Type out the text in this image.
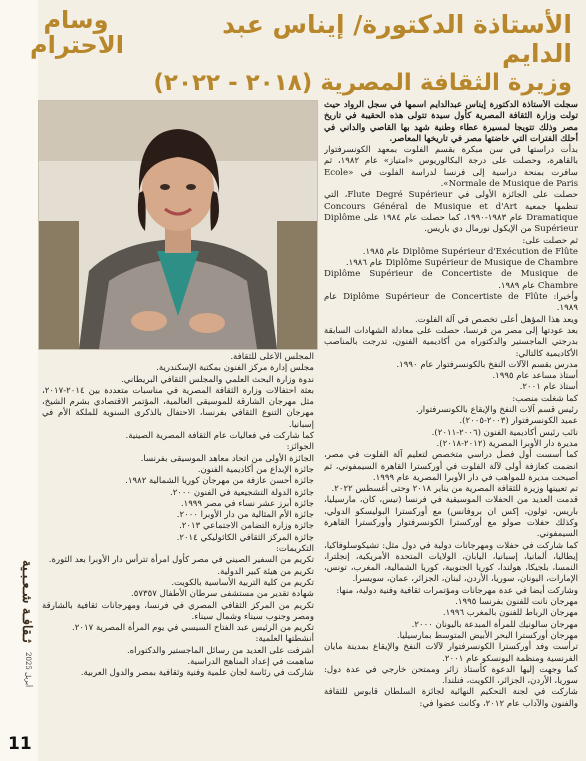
ثـقافـة شـعـبـية
أبريل 2025
11
وسام
الاحترام
الأستاذة الدكتورة/ إيناس عبد الدايم
وزيرة الثقافة المصرية (٢٠١٨ - ٢٠٢٢)

سجلت الأستاذة الدكتورة إيناس عبدالدايم اسمها في سجل الرواد حيث تولت وزارة الثقافة المصرية كأول سيدة تتولى هذه الحقيبة في تاريخ مصر وذلك تتويجا لمسيرة عطاء وطنية شهد بها القاصي والداني في أحلك الفترات التي خاضتها مصر في تاريخها المعاصر.

بدأت دراستها في سن مبكرة بقسم الفلوت بمعهد الكونسرفتوار بالقاهرة، وحصلت على درجة البكالوريوس «امتياز» عام ١٩٨٢، ثم سافرت بمنحة دراسية إلى فرنسا لدراسة الفلوت في «Ecole Normale de Musique de Paris».

حصلت على الجائزة الأولى في Flute Degré Supérieur، التي تنظمها جمعية Concours Général de Musique et d'Art Dramatique عام ١٩٨٣-١٩٩٠، كما حصلت عام ١٩٨٤ على Diplôme Supérieur من الإيكول نورمال دي باريس.

ثم حصلت على:

Diplôme Supérieur d'Exécution de Flûte عام ١٩٨٥.

Diplôme Supérieur de Musique de Chambre عام ١٩٨٦.

Diplôme Supérieur de Concertiste de Musique de Chambre عام ١٩٨٩.

وأخيرا: Diplôme Supérieur de Concertiste de Flûte عام ١٩٨٩.

ويعد هذا المؤهل أعلى تخصص في آلة الفلوت.

بعد عودتها إلى مصر من فرنسا، حصلت على معادلة الشهادات السابقة بدرجتي الماجستير والدكتوراه من أكاديمية الفنون، تدرجت بالمناصب الأكاديمية كالتالي:

مدرس بقسم الآلات النفخ بالكونسرفتوار عام ١٩٩٠.

أستاذ مساعد عام ١٩٩٥.

أستاذ عام ٢٠٠١.

كما شغلت منصب:

رئيس قسم آلات النفخ والإيقاع بالكونسرفتوار.

عميد الكونسرفتوار (٢٠٠٣-٢٠٠٥).

نائب رئيس أكاديمية الفنون (٢٠٠٦-٢٠١١).

مديرة دار الأوبرا المصرية (٢٠١٢-٢٠١٨).

كما أسست أول فصل دراسي متخصص لتعليم آلة الفلوت في مصر، انضمت كعازفة أولى لآلة الفلوت في أوركسترا القاهرة السيمفوني، ثم أصبحت مديرة للمواهب في دار الأوبرا المصرية عام ١٩٩٩.

تم تعيينها وزيرة للثقافة المصرية من يناير ٢٠١٨ وحتى أغسطس ٢٠٢٢.

قدمت العديد من الحفلات الموسيقية في فرنسا (نيس، كان، مارسيليا، باريس، تولون، إكس ان بروفانس) مع أوركسترا البوليسكو الدولي، وكذلك حفلات صولو مع أوركسترا الكونسرفتوار وأوركسترا القاهرة السيمفوني.

كما شاركت في حفلات ومهرجانات دولية في دول مثل: تشيكوسلوفاكيا، إيطاليا، ألمانيا، إسبانيا، اليابان، الولايات المتحدة الأمريكية، إنجلترا، النمسا، بلجيكا، هولندا، كوريا الجنوبية، كوريا الشمالية، المغرب، تونس، الإمارات، اليونان، سوريا، الأردن، لبنان، الجزائر، عمان، سويسرا.

وشاركت أيضا في عدة مهرجانات ومؤتمرات ثقافية وفنية دولية، منها:

مهرجان نانت للفنون بفرنسا ١٩٩٥.

مهرجان الرباط للفنون بالمغرب ١٩٩٦.

مهرجان سالونيك للمرأة المبدعة باليونان ٢٠٠٠.

مهرجان أوركسترا البحر الأبيض المتوسط بمارسيليا.

ترأست وفد أوركسترا الكونسرفتوار لآلات النفخ والإيقاع بمدينة مايان الفرنسية ومنظمة اليونسكو عام ٢٠٠١.

كما وجهت إليها الدعوة كأستاذ زائر وممتحن خارجي في عدة دول: سوريا، الأردن، الجزائر، الكويت، فنلندا.

شاركت في لجنة التحكيم النهائية لجائزة السلطان قابوس للثقافة والفنون والآداب عام ٢٠١٢، وكانت عضوا في:

المجلس الأعلى للثقافة.

مجلس إدارة مركز الفنون بمكتبة الإسكندرية.

ندوة وزارة البحث العلمي والمجلس الثقافي البريطاني.

بعثة احتفالات وزارة الثقافة المصرية في مناسبات متعددة بين ٢٠١٤-٢٠١٧، مثل مهرجان الشارقة للموسيقى العالمية، المؤتمر الاقتصادي بشرم الشيخ، مهرجان التنوع الثقافي بفرنسا، الاحتفال بالذكرى السنوية للملكة الأم في إسبانيا.

كما شاركت في فعاليات عام الثقافة المصرية الصينية.

الجوائز:

الجائزة الأولى من اتحاد معاهد الموسيقى بفرنسا.

جائزة الإبداع من أكاديمية الفنون.

جائزة أحسن عازفة من مهرجان كوريا الشمالية ١٩٨٢.

جائزة الدولة التشجيعية في الفنون ٢٠٠٠.

جائزة أبرز عشر نساء في مصر ١٩٩٩.

جائزة الأم المثالية من دار الأوبرا ٢٠٠٠.

جائزة وزارة التضامن الاجتماعي ٢٠١٣.

جائزة المركز الثقافي الكاثوليكي ٢٠١٤.

التكريمات:

تكريم من السفير الصيني في مصر كأول امرأة تترأس دار الأوبرا بعد الثورة.

تكريم من هيئة كبير الدولية.

تكريم من كلية التربية الأساسية بالكويت.

شهادة تقدير من مستشفى سرطان الأطفال ٥٧٣٥٧.

تكريم من المركز الثقافي المصري في فرنسا، ومهرجانات ثقافية بالشارقة ومصر وجنوب سيناء وشمال سيناء.

تكريم من الرئيس عبد الفتاح السيسي في يوم المرأة المصرية ٢٠١٧.

أنشطتها العلمية:

أشرفت على العديد من رسائل الماجستير والدكتوراه.

ساهمت في إعداد المناهج الدراسية.

شاركت في رئاسة لجان علمية وفنية وثقافية بمصر والدول العربية.
